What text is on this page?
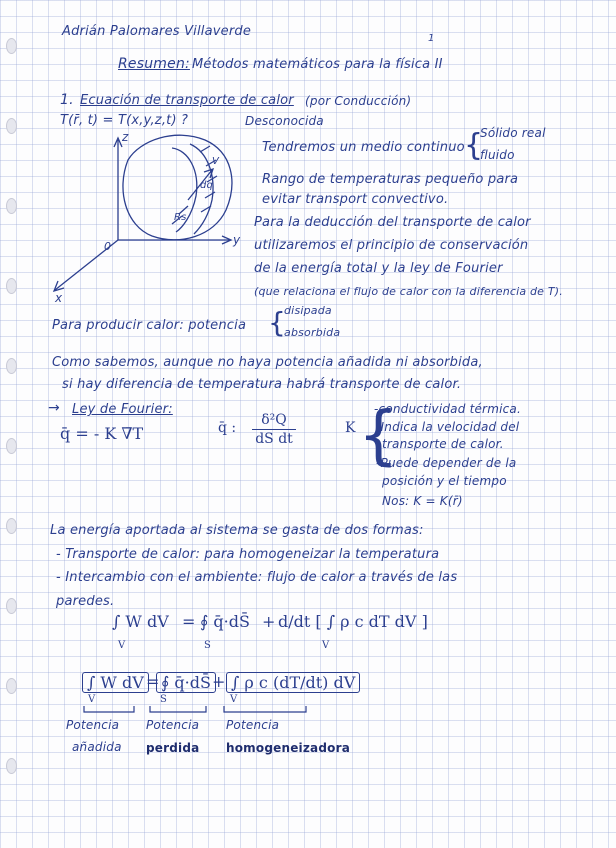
Adrián Palomares Villaverde	1
Resumen: Métodos matemáticos para la física II
1. Ecuación de transporte de calor (por Conducción)
T(r̄, t) = T(x,y,z,t) ?	Desconocida
z
y
x
0
Rs
dq
V
Tendremos un medio continuo {
Sólido real
fluido
Rango de temperaturas pequeño para
evitar transport convectivo.
Para la deducción del transporte de calor
utilizaremos el principio de conservación
de la energía total y la ley de Fourier
(que relaciona el flujo de calor con la diferencia de T).
Para producir calor: potencia {
disipada
absorbida
Como sabemos, aunque no haya potencia añadida ni absorbida,
si hay diferencia de temperatura habrá transporte de calor.
→ Ley de Fourier:
q̄ = - K ∇̄T	q̄ :	δ²Q
dS dt
K {
-conductividad térmica.
-Indica la velocidad del
transporte de calor.
-Puede depender de la
posición y el tiempo
Nos: K = K(r̄)
La energía aportada al sistema se gasta de dos formas:
- Transporte de calor: para homogeneizar la temperatura
- Intercambio con el ambiente: flujo de calor a través de las
paredes.
∫ W dV
V
= ∮ q̄·dS̄
S
+ d/dt [ ∫ ρ c dT dV ]
V
∫ W dV
V
= ∮ q̄·dS̄
S
+ ∫ ρ c (dT/dt) dV
V
Potencia
añadida
Potencia
perdida
Potencia
homogeneizadora
